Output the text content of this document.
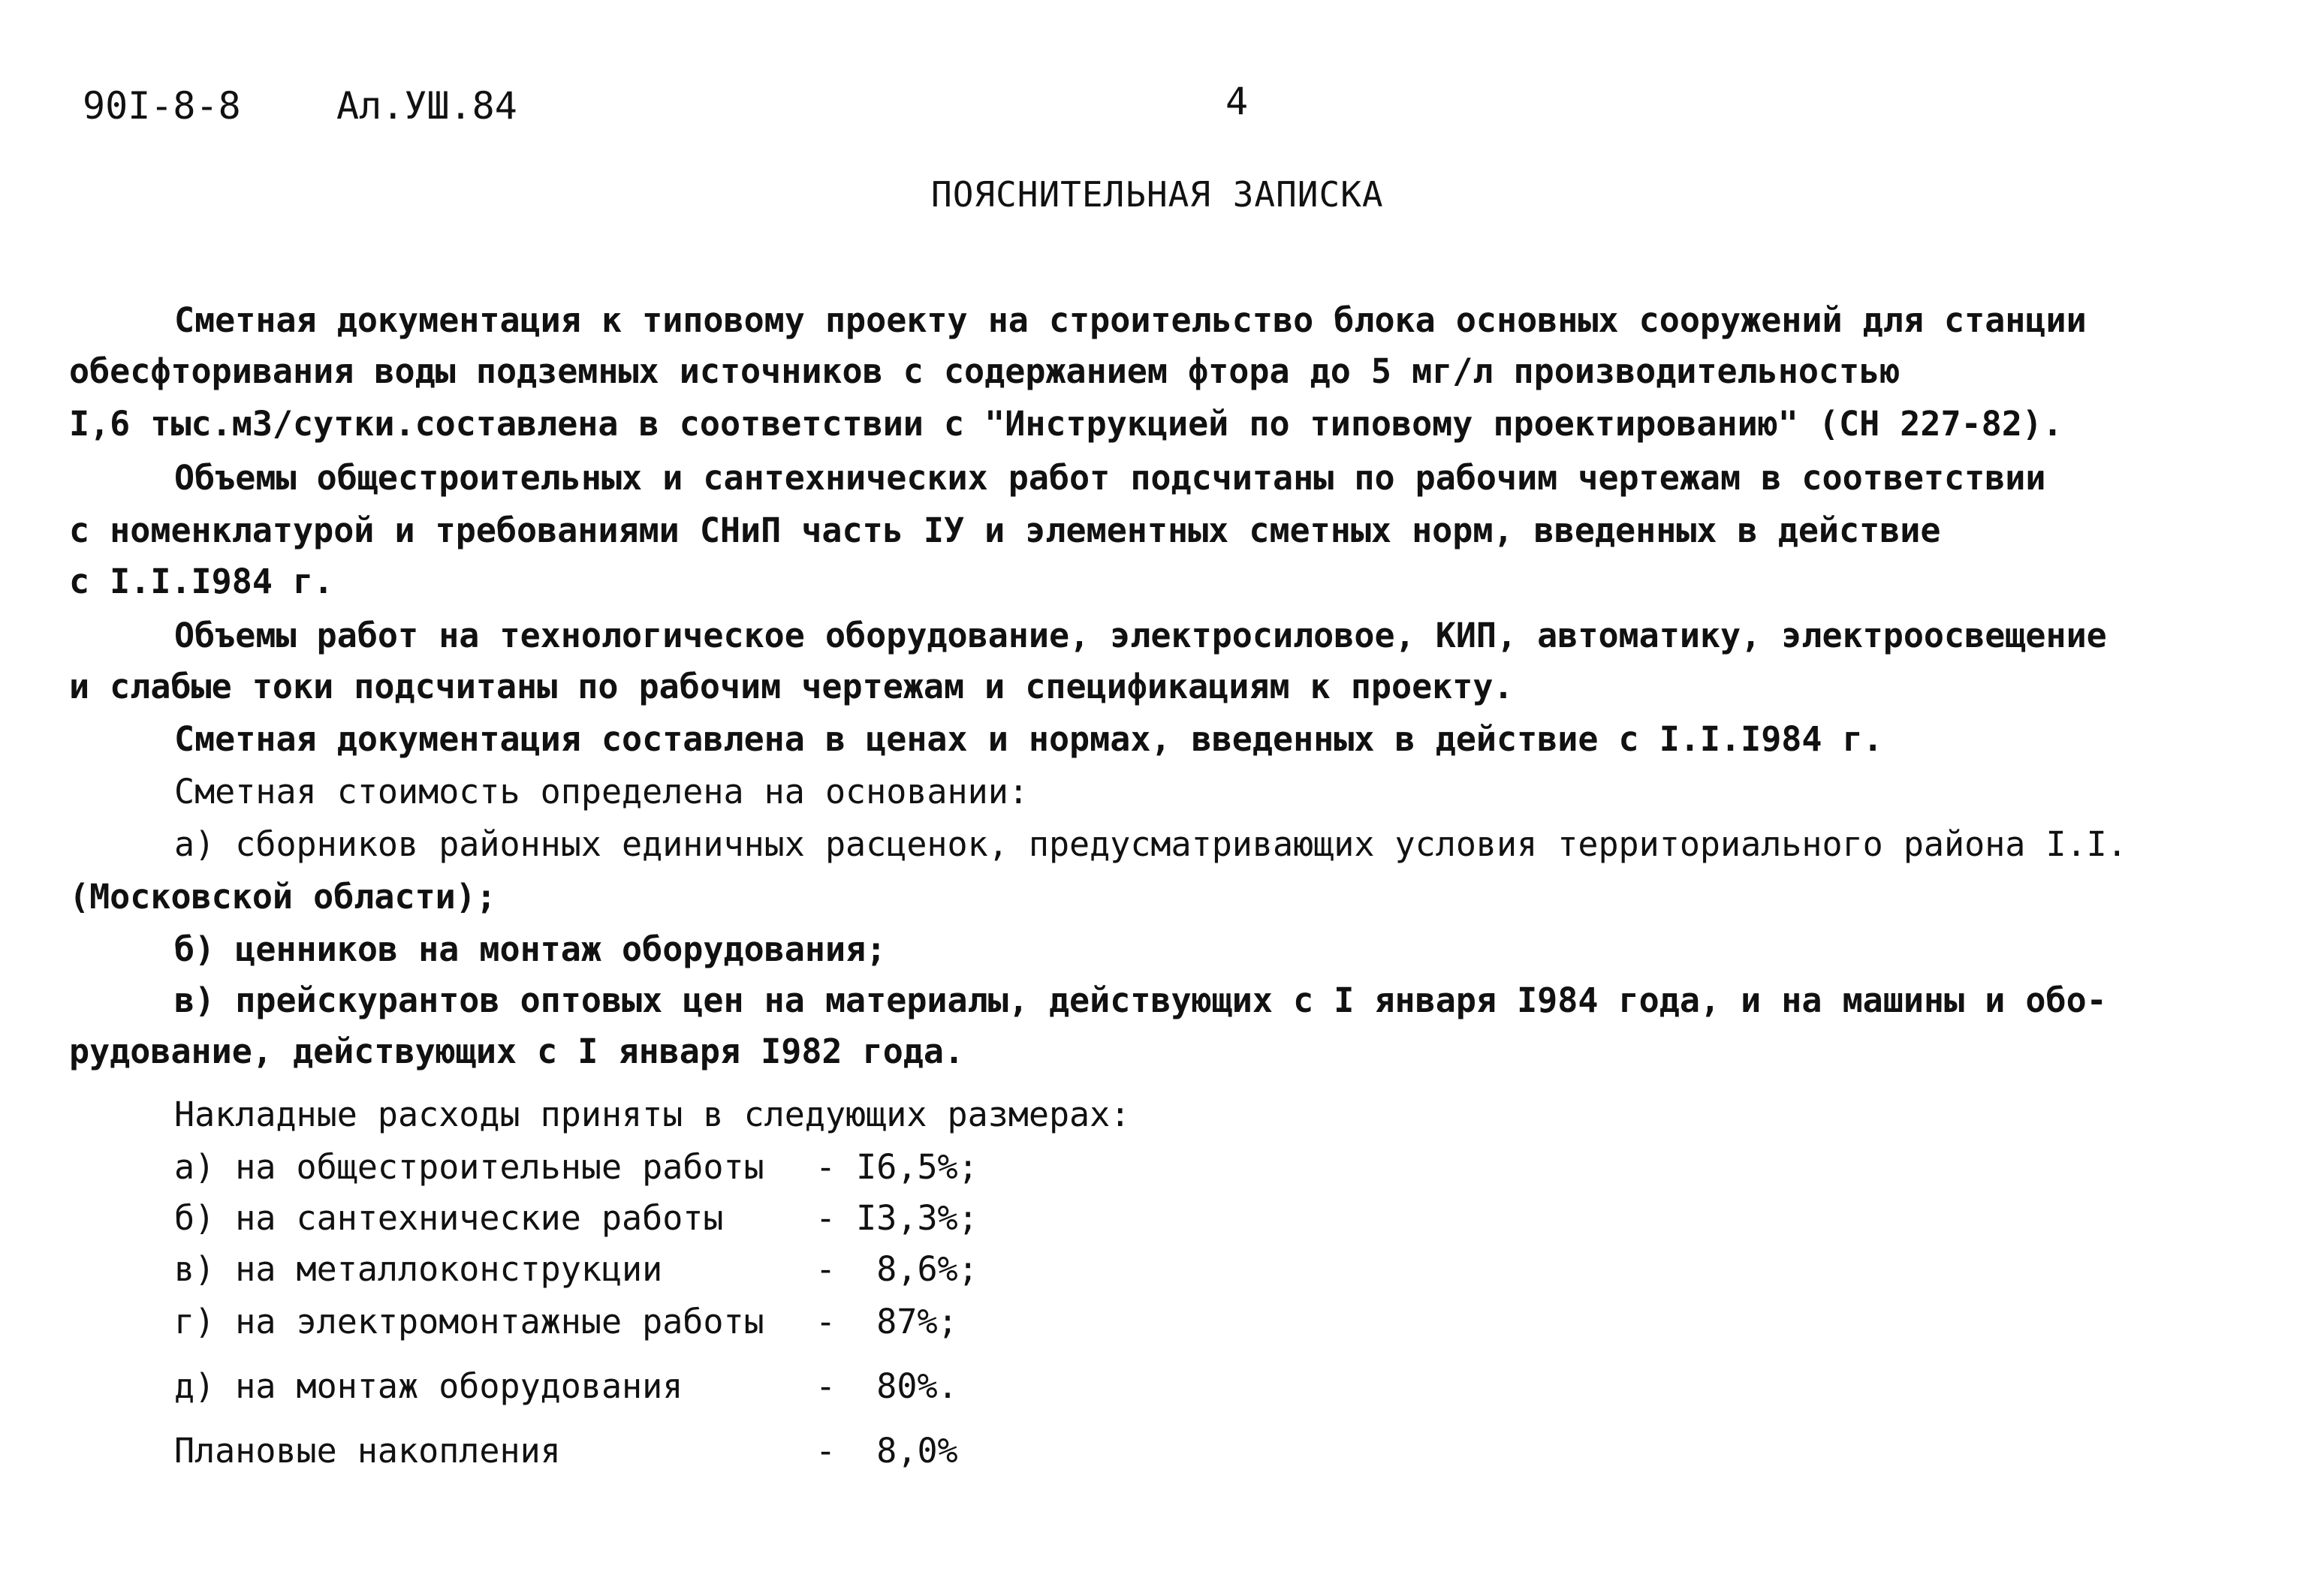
90I-8-8	Ал.УШ.84	4
ПОЯСНИТЕЛЬНАЯ ЗАПИСКА
Сметная документация к типовому проекту на строительство блока основных сооружений для станции
обесфторивания воды подземных источников с содержанием фтора до 5 мг/л производительностью
I,6 тыс.м3/сутки.составлена в соответствии с "Инструкцией по типовому проектированию" (СН 227-82).
Объемы общестроительных и сантехнических работ подсчитаны по рабочим чертежам в соответствии
с номенклатурой и требованиями СНиП часть IУ и элементных сметных норм, введенных в действие
с I.I.I984 г.
Объемы работ на технологическое оборудование, электросиловое, КИП, автоматику, электроосвещение
и слабые токи подсчитаны по рабочим чертежам и спецификациям к проекту.
Сметная документация составлена в ценах и нормах, введенных в действие с I.I.I984 г.
Сметная стоимость определена на основании:
а) сборников районных единичных расценок, предусматривающих условия территориального района I.I.
(Московской области);
б) ценников на монтаж оборудования;
в) прейскурантов оптовых цен на материалы, действующих с I января I984 года, и на машины и обо-
рудование, действующих с I января I982 года.
Накладные расходы приняты в следующих размерах:
а) на общестроительные работы - I6,5%;
б) на сантехнические работы	- I3,3%;
в) на металлоконструкции	-  8,6%;
г) на электромонтажные работы -  87%;
д) на монтаж оборудования	-  80%.
Плановые накопления	-  8,0%
